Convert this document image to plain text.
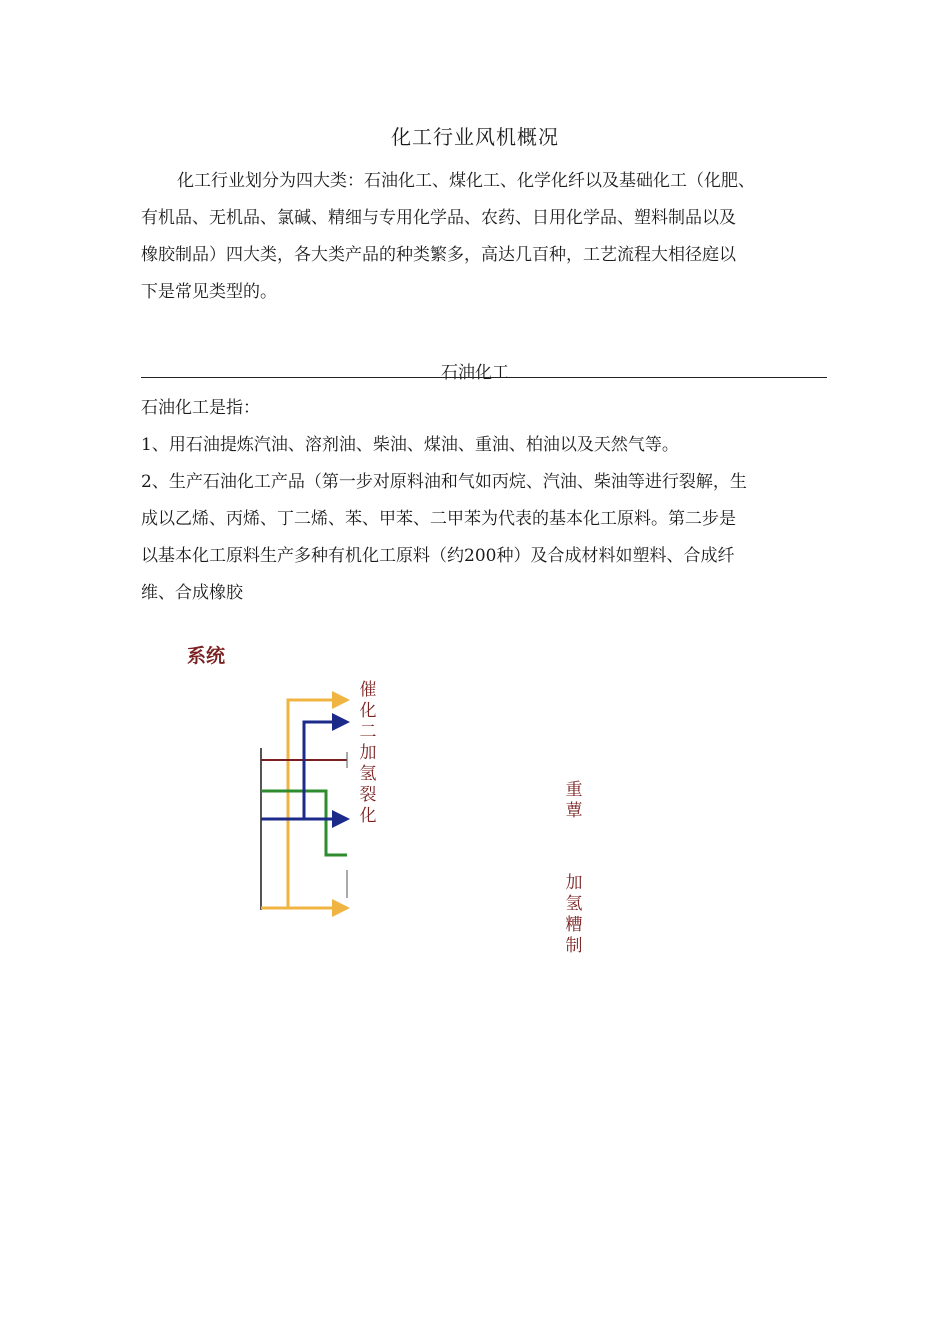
化工行业风机概况

化工行业划分为四大类：石油化工、煤化工、化学化纤以及基础化工（化肥、
有机品、无机品、氯碱、精细与专用化学品、农药、日用化学品、塑料制品以及
橡胶制品）四大类，各大类产品的种类繁多，高达几百种，工艺流程大相径庭以
下是常见类型的。

石油化工
石油化工是指：
1、用石油提炼汽油、溶剂油、柴油、煤油、重油、柏油以及天然气等。

2、生产石油化工产品（第一步对原料油和气如丙烷、汽油、柴油等进行裂解，生
成以乙烯、丙烯、丁二烯、苯、甲苯、二甲苯为代表的基本化工原料。第二步是
以基本化工原料生产多种有机化工原料（约200种）及合成材料如塑料、合成纤
维、合成橡胶

系统
催
化
二
加
氢
裂
化
重
蕈
加
氢
糟
制
